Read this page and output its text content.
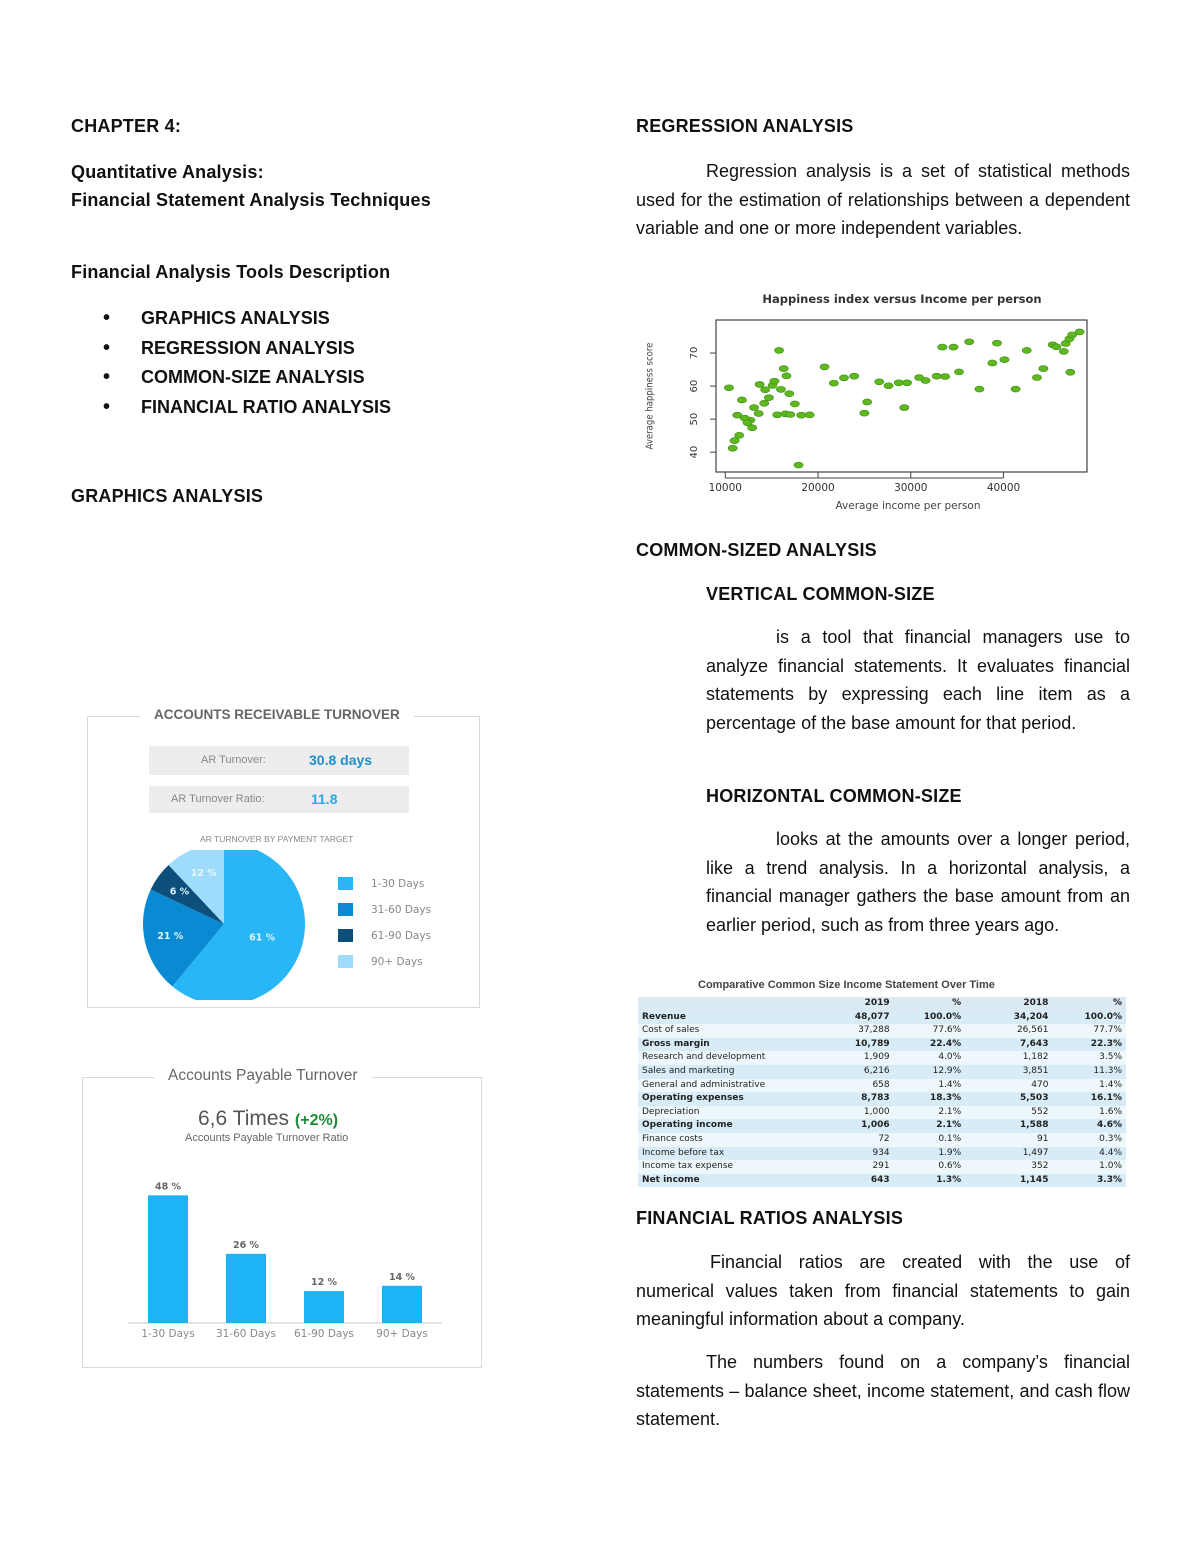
CHAPTER 4:
Quantitative Analysis:
Financial Statement Analysis Techniques
Financial Analysis Tools Description
• GRAPHICS ANALYSIS
• REGRESSION ANALYSIS
• COMMON-SIZE ANALYSIS
• FINANCIAL RATIO ANALYSIS
GRAPHICS ANALYSIS
ACCOUNTS RECEIVABLE TURNOVER
AR Turnover:	30.8 days
AR Turnover Ratio:	11.8
AR TURNOVER BY PAYMENT TARGET
61 %
21 %
6 %
12 %
1-30 Days
31-60 Days
61-90 Days
90+ Days
Accounts Payable Turnover
6,6 Times (+2%)
Accounts Payable Turnover Ratio
48 %
1-30 Days
26 %
31-60 Days
12 %
61-90 Days
14 %
90+ Days
REGRESSION ANALYSIS
Regression analysis is a set of statistical methods used for the estimation of relationships between a dependent variable and one or more independent variables.
Happiness index versus Income per person
10000	20000	30000	40000
40
50
60
70
Average income per person
Average happiness score
COMMON-SIZED ANALYSIS
VERTICAL COMMON-SIZE
is a tool that financial managers use to analyze financial statements. It evaluates financial statements by expressing each line item as a percentage of the base amount for that period.
HORIZONTAL COMMON-SIZE
looks at the amounts over a longer period, like a trend analysis. In a horizontal analysis, a financial manager gathers the base amount from an earlier period, such as from three years ago.
Comparative Common Size Income Statement Over Time
	2019	%	2018	%
Revenue	48,077	100.0%	34,204	100.0%
Cost of sales	37,288	77.6%	26,561	77.7%
Gross margin	10,789	22.4%	7,643	22.3%
Research and development	1,909	4.0%	1,182	3.5%
Sales and marketing	6,216	12.9%	3,851	11.3%
General and administrative	658	1.4%	470	1.4%
Operating expenses	8,783	18.3%	5,503	16.1%
Depreciation	1,000	2.1%	552	1.6%
Operating income	1,006	2.1%	1,588	4.6%
Finance costs	72	0.1%	91	0.3%
Income before tax	934	1.9%	1,497	4.4%
Income tax expense	291	0.6%	352	1.0%
Net income	643	1.3%	1,145	3.3%
FINANCIAL RATIOS ANALYSIS
Financial ratios are created with the use of numerical values taken from financial statements to gain meaningful information about a company.
The numbers found on a company’s financial statements – balance sheet, income statement, and cash flow statement.
